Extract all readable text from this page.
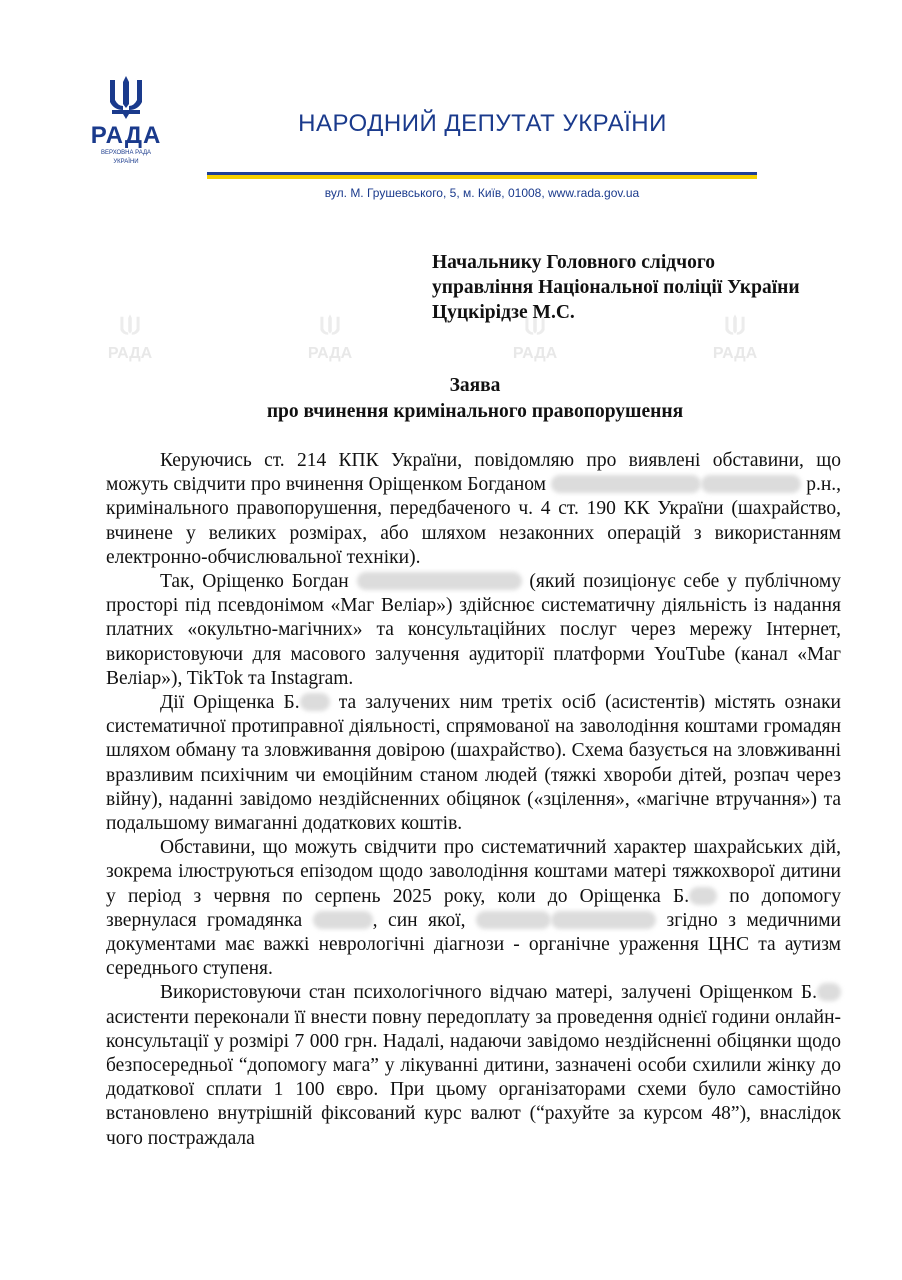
РАДА
ВЕРХОВНА РАДА
УКРАЇНИ
НАРОДНИЙ ДЕПУТАТ УКРАЇНИ
вул. М. Грушевського, 5, м. Київ, 01008, www.rada.gov.ua
РАДА	РАДА	РАДА	РАДА
Начальнику Головного слідчого
управління Національної поліції України
Цуцкірідзе М.С.
Заява
про вчинення кримінального правопорушення

Керуючись ст. 214 КПК України, повідомляю про виявлені обставини, що можуть свідчити про вчинення Оріщенком Богданом	р.н., кримінального правопорушення, передбаченого ч. 4 ст. 190 КК України (шахрайство, вчинене у великих розмірах, або шляхом незаконних операцій з використанням електронно-обчислювальної техніки).

Так, Оріщенко Богдан	(який позиціонує себе у публічному просторі під псевдонімом «Маг Веліар») здійснює систематичну діяльність із надання платних «окультно-магічних» та консультаційних послуг через мережу Інтернет, використовуючи для масового залучення аудиторії платформи YouTube (канал «Маг Веліар»), TikTok та Instagram.

Дії Оріщенка Б. та залучених ним третіх осіб (асистентів) містять ознаки систематичної протиправної діяльності, спрямованої на заволодіння коштами громадян шляхом обману та зловживання довірою (шахрайство). Схема базується на зловживанні вразливим психічним чи емоційним станом людей (тяжкі хвороби дітей, розпач через війну), наданні завідомо нездійсненних обіцянок («зцілення», «магічне втручання») та подальшому вимаганні додаткових коштів.

Обставини, що можуть свідчити про систематичний характер шахрайських дій, зокрема ілюструються епізодом щодо заволодіння коштами матері тяжкохворої дитини у період з червня по серпень 2025 року, коли до Оріщенка Б. по допомогу звернулася громадянка	, син якої,	згідно з медичними документами має важкі неврологічні діагнози - органічне ураження ЦНС та аутизм середнього ступеня.

Використовуючи стан психологічного відчаю матері, залучені Оріщенком Б. асистенти переконали її внести повну передоплату за проведення однієї години онлайн-консультації у розмірі 7 000 грн. Надалі, надаючи завідомо нездійсненні обіцянки щодо безпосередньої “допомогу мага” у лікуванні дитини, зазначені особи схилили жінку до додаткової сплати 1 100 євро. При цьому організаторами схеми було самостійно встановлено внутрішній фіксований курс валют (“рахуйте за курсом 48”), внаслідок чого постраждала
